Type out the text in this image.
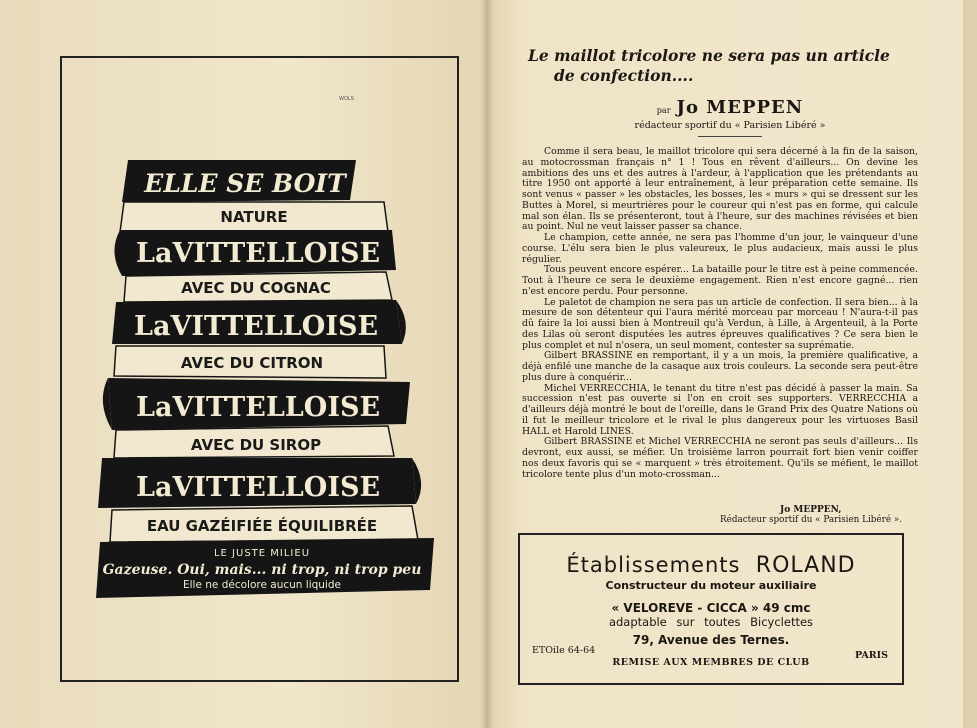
WOLS
ELLE SE BOIT
NATURE
LaVITTELLOISE
AVEC DU COGNAC
LaVITTELLOISE
AVEC DU CITRON
LaVITTELLOISE
AVEC DU SIROP
LaVITTELLOISE
EAU GAZÉIFIÉE ÉQUILIBRÉE
LE JUSTE MILIEU
Gazeuse. Oui, mais... ni trop, ni trop peu
Elle ne décolore aucun liquide
Le maillot tricolore ne sera pas un article
de confection....
par Jo MEPPEN
rédacteur sportif du « Parisien Libéré »

Comme il sera beau, le maillot tricolore qui sera décerné à la fin de la saison, au motocrossman français n° 1 ! Tous en rêvent d'ailleurs... On devine les ambitions des uns et des autres à l'ardeur, à l'application que les prétendants au titre 1950 ont apporté à leur entraînement, à leur préparation cette semaine. Ils sont venus « passer » les obstacles, les bosses, les « murs » qui se dressent sur les Buttes à Morel, si meurtrières pour le coureur qui n'est pas en forme, qui calcule mal son élan. Ils se présenteront, tout à l'heure, sur des machines révisées et bien au point. Nul ne veut laisser passer sa chance.

Le champion, cette année, ne sera pas l'homme d'un jour, le vainqueur d'une course. L'élu sera bien le plus valeureux, le plus audacieux, mais aussi le plus régulier.

Tous peuvent encore espérer... La bataille pour le titre est à peine commencée. Tout à l'heure ce sera le deuxième engagement. Rien n'est encore gagné... rien n'est encore perdu. Pour personne.

Le paletot de champion ne sera pas un article de confection. Il sera bien... à la mesure de son détenteur qui l'aura mérité morceau par morceau ! N'aura-t-il pas dû faire la loi aussi bien à Montreuil qu'à Verdun, à Lille, à Argenteuil, à la Porte des Lilas où seront disputées les autres épreuves qualificatives ? Ce sera bien le plus complet et nul n'osera, un seul moment, contester sa suprématie.

Gilbert BRASSINE en remportant, il y a un mois, la première qualificative, a déjà enfilé une manche de la casaque aux trois couleurs. La seconde sera peut-être plus dure à conquérir...

Michel VERRECCHIA, le tenant du titre n'est pas décidé à passer la main. Sa succession n'est pas ouverte si l'on en croit ses supporters. VERRECCHIA a d'ailleurs déjà montré le bout de l'oreille, dans le Grand Prix des Quatre Nations où il fut le meilleur tricolore et le rival le plus dangereux pour les virtuoses Basil HALL et Harold LINES.

Gilbert BRASSINE et Michel VERRECCHIA ne seront pas seuls d'ailleurs... Ils devront, eux aussi, se méfier. Un troisième larron pourrait fort bien venir coiffer nos deux favoris qui se « marquent » très étroitement. Qu'ils se méfient, le maillot tricolore tente plus d'un moto-crossman...

Jo MEPPEN,
Rédacteur sportif du « Parisien Libéré ».
Établissements ROLAND
Constructeur du moteur auxiliaire
« VELOREVE - CICCA » 49 cmc
adaptable sur toutes Bicyclettes
79, Avenue des Ternes.
ETOile 64-64	PARIS
REMISE AUX MEMBRES DE CLUB
